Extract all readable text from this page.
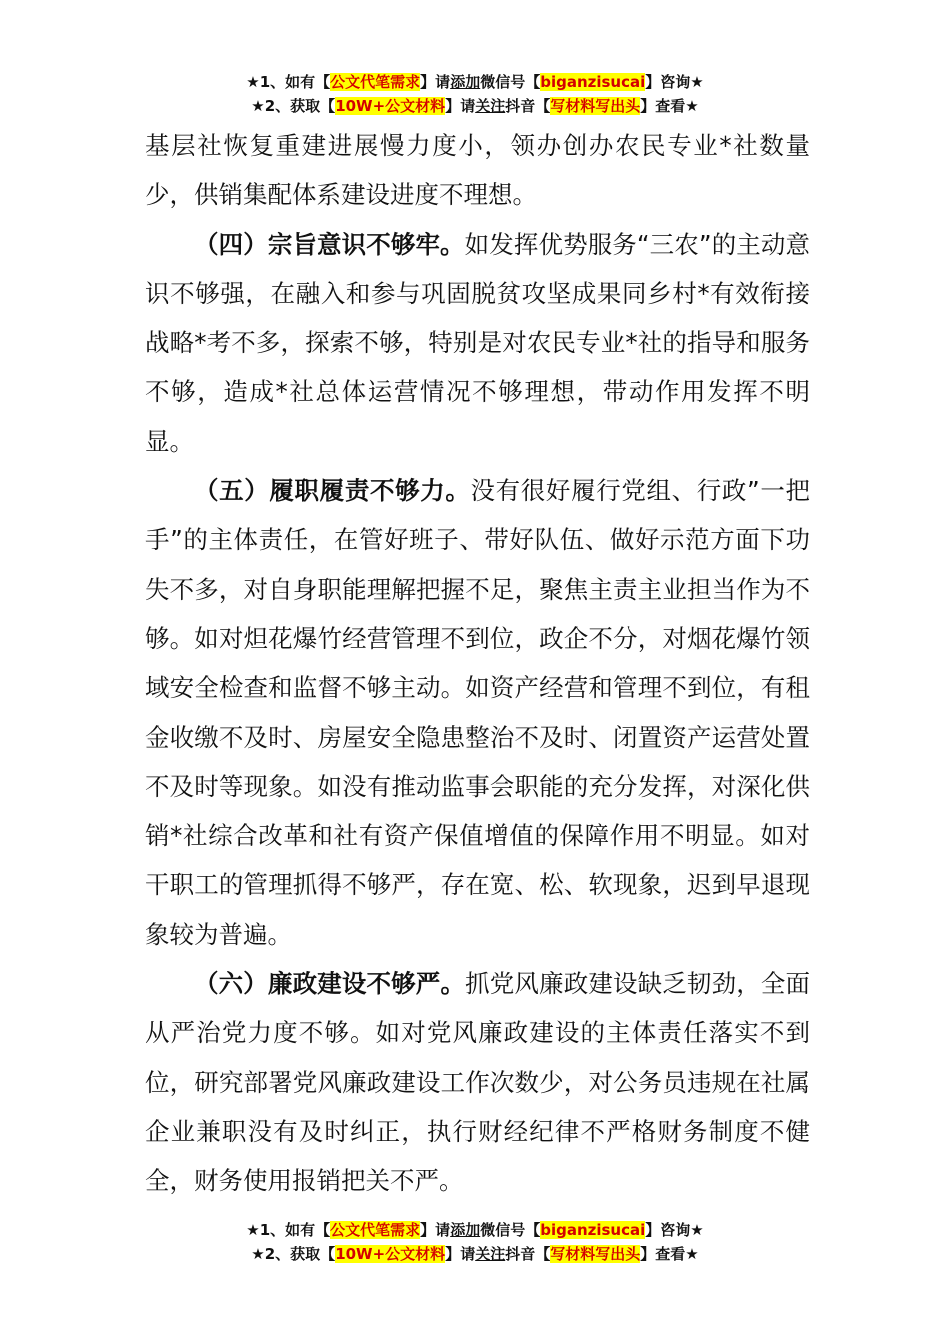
★1、如有【公文代笔需求】请添加微信号【biganzisucai】咨询★
★2、获取【10W+公文材料】请关注抖音【写材料写出头】查看★

基层社恢复重建进展慢力度小，领办创办农民专业*社数量少，供销集配体系建设进度不理想。

（四）宗旨意识不够牢。如发挥优势服务“三农”的主动意识不够强，在融入和参与巩固脱贫攻坚成果同乡村*有效衔接战略*考不多，探索不够，特别是对农民专业*社的指导和服务不够，造成*社总体运营情况不够理想，带动作用发挥不明显。

（五）履职履责不够力。没有很好履行党组、行政”一把手”的主体责任，在管好班子、带好队伍、做好示范方面下功失不多，对自身职能理解把握不足，聚焦主责主业担当作为不够。如对炟花爆竹经营管理不到位，政企不分，对烟花爆竹领域安全检查和监督不够主动。如资产经营和管理不到位，有租金收缴不及时、房屋安全隐患整治不及时、闭置资产运营处置不及时等现象。如没有推动监事会职能的充分发挥，对深化供销*社综合改革和社有资产保值增值的保障作用不明显。如对干职工的管理抓得不够严，存在宽、松、软现象，迟到早退现象较为普遍。

（六）廉政建设不够严。抓党风廉政建设缺乏韧劲，全面从严治党力度不够。如对党风廉政建设的主体责任落实不到位，研究部署党风廉政建设工作次数少，对公务员违规在社属企业兼职没有及时纠正，执行财经纪律不严格财务制度不健全，财务使用报销把关不严。

★1、如有【公文代笔需求】请添加微信号【biganzisucai】咨询★
★2、获取【10W+公文材料】请关注抖音【写材料写出头】查看★
